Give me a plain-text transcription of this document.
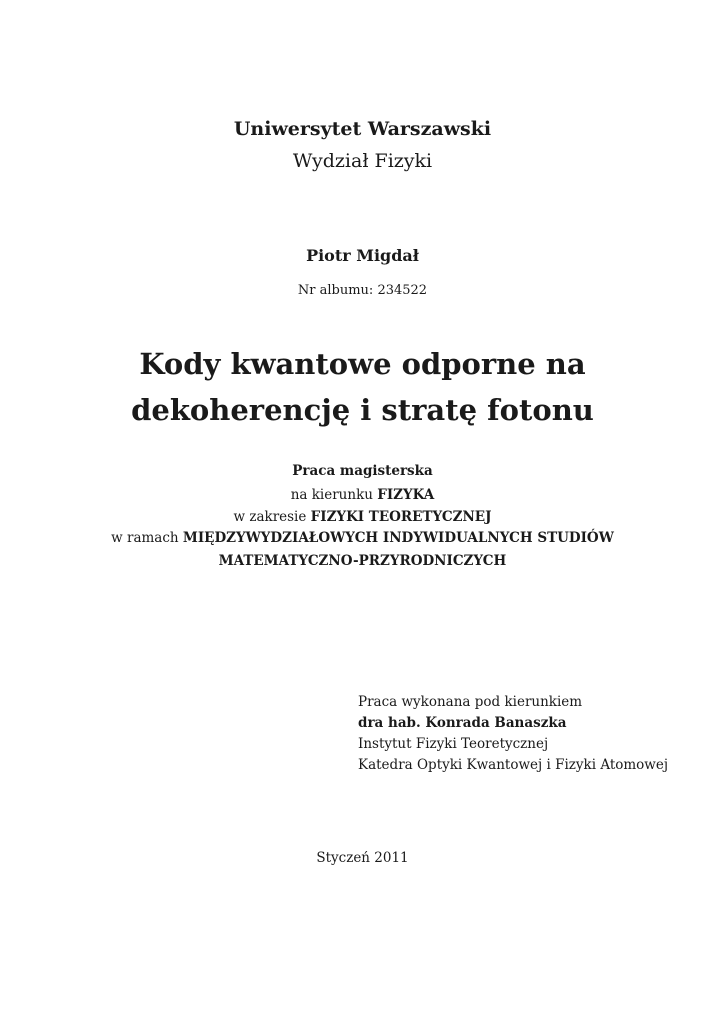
Uniwersytet Warszawski
Wydział Fizyki
Piotr Migdał
Nr albumu: 234522
Kody kwantowe odporne na
dekoherencję i stratę fotonu
Praca magisterska
na kierunku FIZYKA
w zakresie FIZYKI TEORETYCZNEJ
w ramach MIĘDZYWYDZIAŁOWYCH INDYWIDUALNYCH STUDIÓW
MATEMATYCZNO-PRZYRODNICZYCH
Praca wykonana pod kierunkiem
dra hab. Konrada Banaszka
Instytut Fizyki Teoretycznej
Katedra Optyki Kwantowej i Fizyki Atomowej
Styczeń 2011
